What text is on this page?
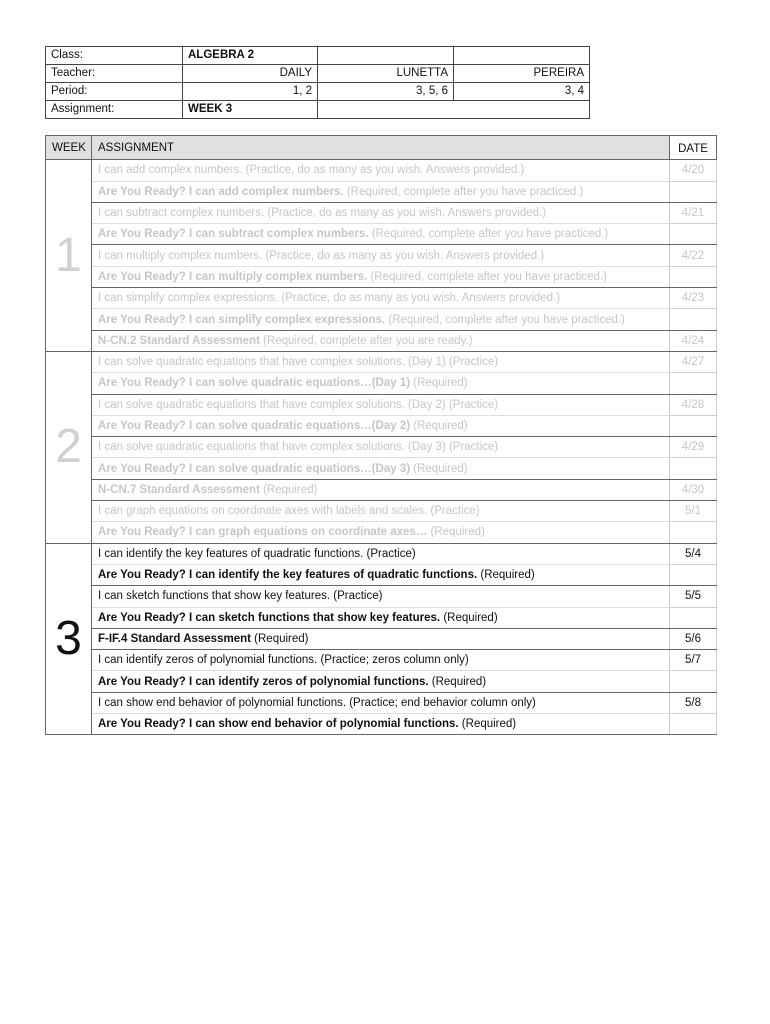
Class:	ALGEBRA 2		
Teacher:	DAILY	LUNETTA	PEREIRA
Period:	1, 2	3, 5, 6	3, 4
Assignment:	WEEK 3		
WEEK	ASSIGNMENT	DATE
1	I can add complex numbers. (Practice, do as many as you wish. Answers provided.)	4/20
	Are You Ready? I can add complex numbers. (Required, complete after you have practiced.)	
	I can subtract complex numbers. (Practice, do as many as you wish. Answers provided.)	4/21
	Are You Ready? I can subtract complex numbers. (Required, complete after you have practiced.)	
	I can multiply complex numbers. (Practice, do as many as you wish. Answers provided.)	4/22
	Are You Ready? I can multiply complex numbers. (Required, complete after you have practiced.)	
	I can simplify complex expressions. (Practice, do as many as you wish. Answers provided.)	4/23
	Are You Ready? I can simplify complex expressions. (Required, complete after you have practiced.)	
	N-CN.2 Standard Assessment (Required, complete after you are ready.)	4/24
2	I can solve quadratic equations that have complex solutions. (Day 1) (Practice)	4/27
	Are You Ready? I can solve quadratic equations…(Day 1) (Required)	
	I can solve quadratic equations that have complex solutions. (Day 2) (Practice)	4/28
	Are You Ready? I can solve quadratic equations…(Day 2) (Required)	
	I can solve quadratic equations that have complex solutions. (Day 3) (Practice)	4/29
	Are You Ready? I can solve quadratic equations…(Day 3) (Required)	
	N-CN.7 Standard Assessment (Required)	4/30
	I can graph equations on coordinate axes with labels and scales. (Practice)	5/1
	Are You Ready? I can graph equations on coordinate axes… (Required)	
3	I can identify the key features of quadratic functions. (Practice)	5/4
	Are You Ready? I can identify the key features of quadratic functions. (Required)	
	I can sketch functions that show key features. (Practice)	5/5
	Are You Ready? I can sketch functions that show key features. (Required)	
	F-IF.4 Standard Assessment (Required)	5/6
	I can identify zeros of polynomial functions. (Practice; zeros column only)	5/7
	Are You Ready? I can identify zeros of polynomial functions. (Required)	
	I can show end behavior of polynomial functions. (Practice; end behavior column only)	5/8
	Are You Ready? I can show end behavior of polynomial functions. (Required)	
